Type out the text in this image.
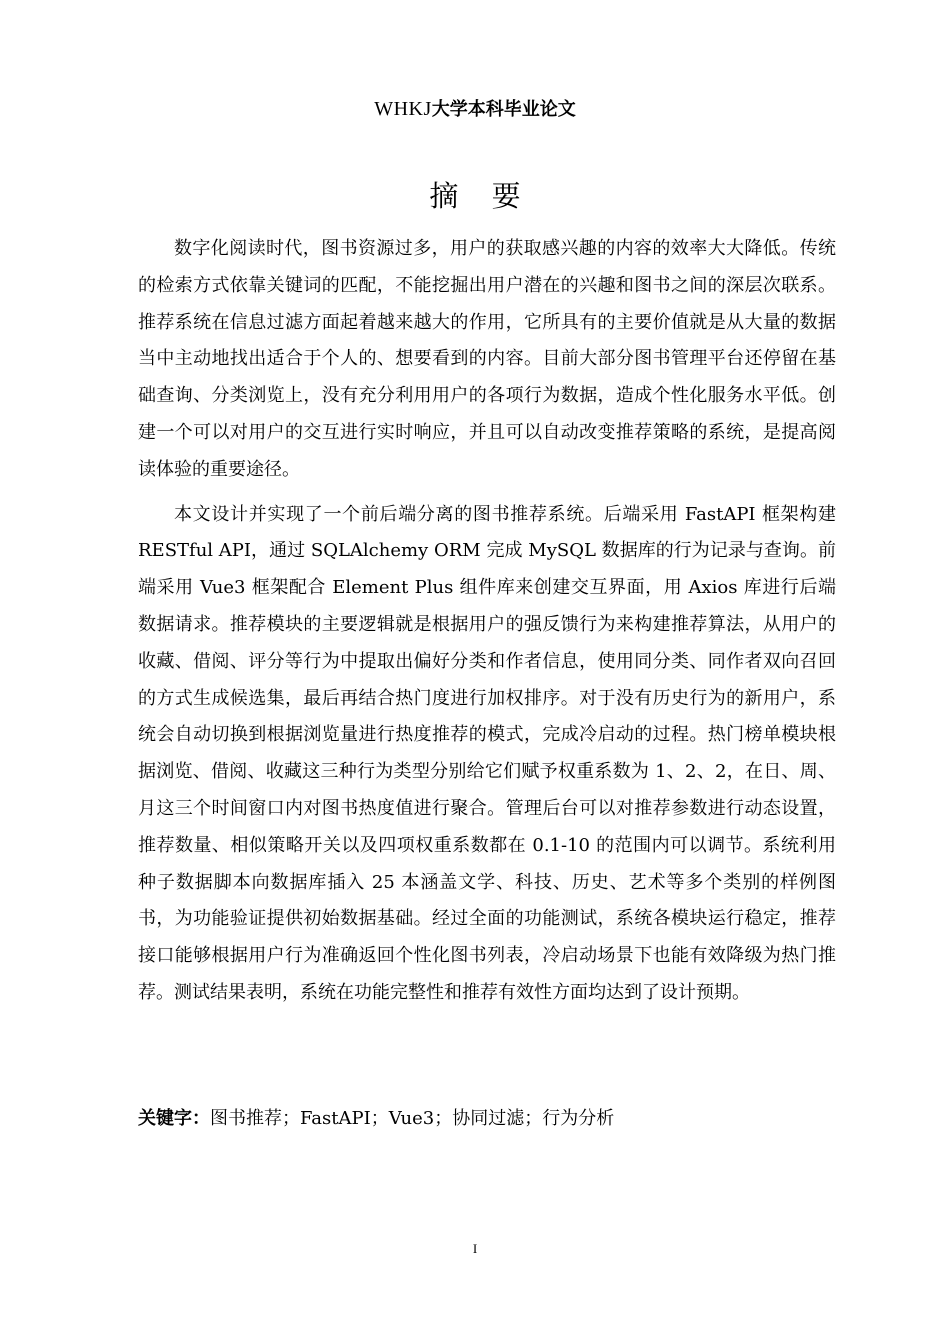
WHKJ大学本科毕业论文
摘 要

数字化阅读时代，图书资源过多，用户的获取感兴趣的内容的效率大大降低。传统的检索方式依靠关键词的匹配，不能挖掘出用户潜在的兴趣和图书之间的深层次联系。推荐系统在信息过滤方面起着越来越大的作用，它所具有的主要价值就是从大量的数据当中主动地找出适合于个人的、想要看到的内容。目前大部分图书管理平台还停留在基础查询、分类浏览上，没有充分利用用户的各项行为数据，造成个性化服务水平低。创建一个可以对用户的交互进行实时响应，并且可以自动改变推荐策略的系统，是提高阅读体验的重要途径。

本文设计并实现了一个前后端分离的图书推荐系统。后端采用 FastAPI 框架构建 RESTful API，通过 SQLAlchemy ORM 完成 MySQL 数据库的行为记录与查询。前端采用 Vue3 框架配合 Element Plus 组件库来创建交互界面，用 Axios 库进行后端数据请求。推荐模块的主要逻辑就是根据用户的强反馈行为来构建推荐算法，从用户的收藏、借阅、评分等行为中提取出偏好分类和作者信息，使用同分类、同作者双向召回的方式生成候选集，最后再结合热门度进行加权排序。对于没有历史行为的新用户，系统会自动切换到根据浏览量进行热度推荐的模式，完成冷启动的过程。热门榜单模块根据浏览、借阅、收藏这三种行为类型分别给它们赋予权重系数为 1、2、2，在日、周、月这三个时间窗口内对图书热度值进行聚合。管理后台可以对推荐参数进行动态设置，推荐数量、相似策略开关以及四项权重系数都在 0.1-10 的范围内可以调节。系统利用种子数据脚本向数据库插入 25 本涵盖文学、科技、历史、艺术等多个类别的样例图书，为功能验证提供初始数据基础。经过全面的功能测试，系统各模块运行稳定，推荐接口能够根据用户行为准确返回个性化图书列表，冷启动场景下也能有效降级为热门推荐。测试结果表明，系统在功能完整性和推荐有效性方面均达到了设计预期。

关键字：图书推荐；FastAPI；Vue3；协同过滤；行为分析
I
